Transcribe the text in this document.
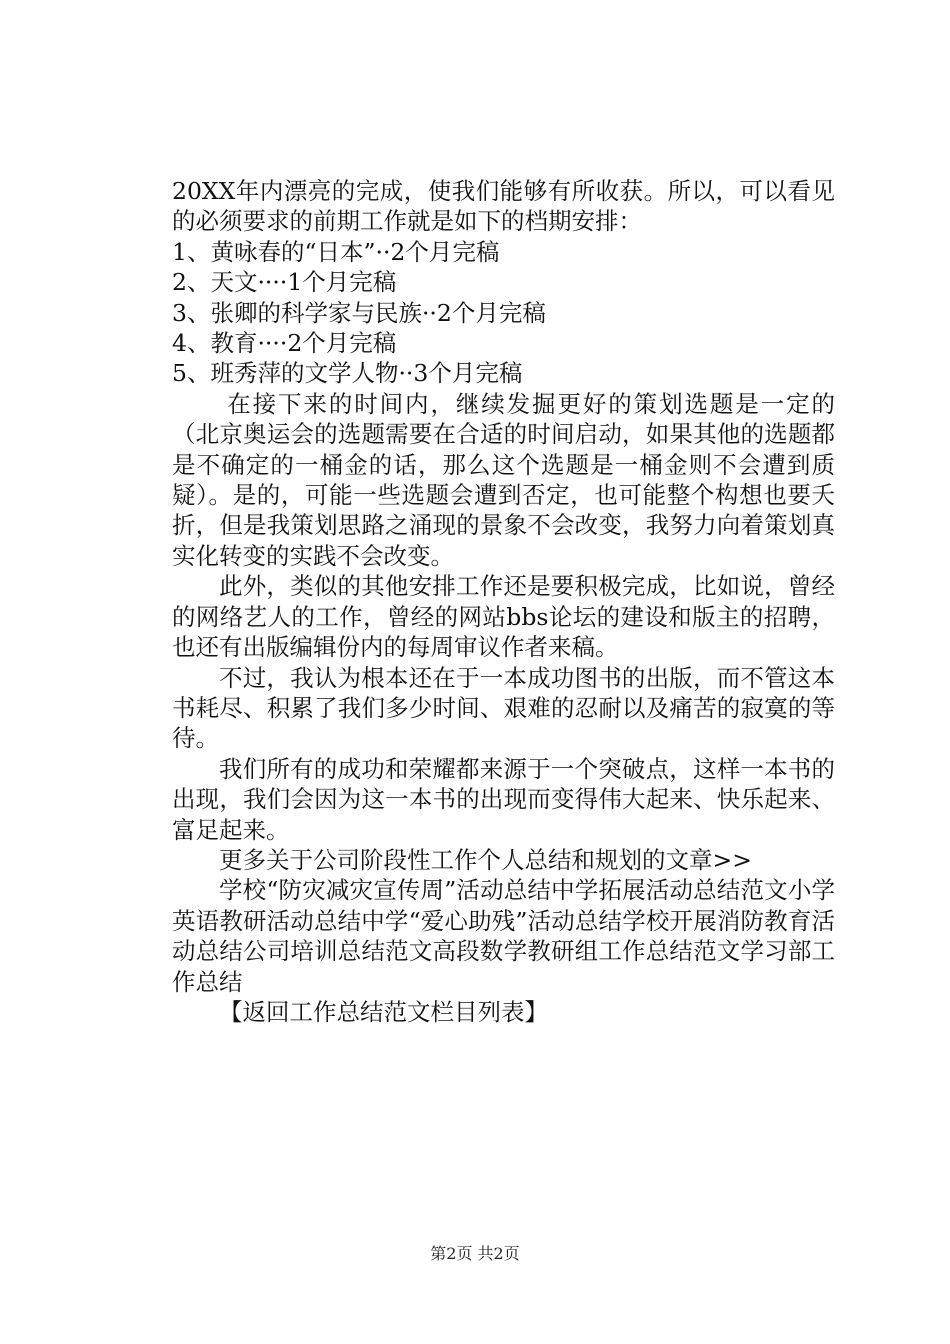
20XX年内漂亮的完成，使我们能够有所收获。所以，可以看见的必须要求的前期工作就是如下的档期安排：

1、黄咏春的“日本”··2个月完稿

2、天文····1个月完稿

3、张卿的科学家与民族··2个月完稿

4、教育····2个月完稿

5、班秀萍的文学人物··3个月完稿

在接下来的时间内，继续发掘更好的策划选题是一定的（北京奥运会的选题需要在合适的时间启动，如果其他的选题都是不确定的一桶金的话，那么这个选题是一桶金则不会遭到质疑）。是的，可能一些选题会遭到否定，也可能整个构想也要夭折，但是我策划思路之涌现的景象不会改变，我努力向着策划真实化转变的实践不会改变。

此外，类似的其他安排工作还是要积极完成，比如说，曾经的网络艺人的工作，曾经的网站bbs论坛的建设和版主的招聘，也还有出版编辑份内的每周审议作者来稿。

不过，我认为根本还在于一本成功图书的出版，而不管这本书耗尽、积累了我们多少时间、艰难的忍耐以及痛苦的寂寞的等待。

我们所有的成功和荣耀都来源于一个突破点，这样一本书的出现，我们会因为这一本书的出现而变得伟大起来、快乐起来、富足起来。

更多关于公司阶段性工作个人总结和规划的文章>>

学校“防灾减灾宣传周”活动总结中学拓展活动总结范文小学英语教研活动总结中学“爱心助残”活动总结学校开展消防教育活动总结公司培训总结范文高段数学教研组工作总结范文学习部工作总结

【返回工作总结范文栏目列表】

第2页 共2页
